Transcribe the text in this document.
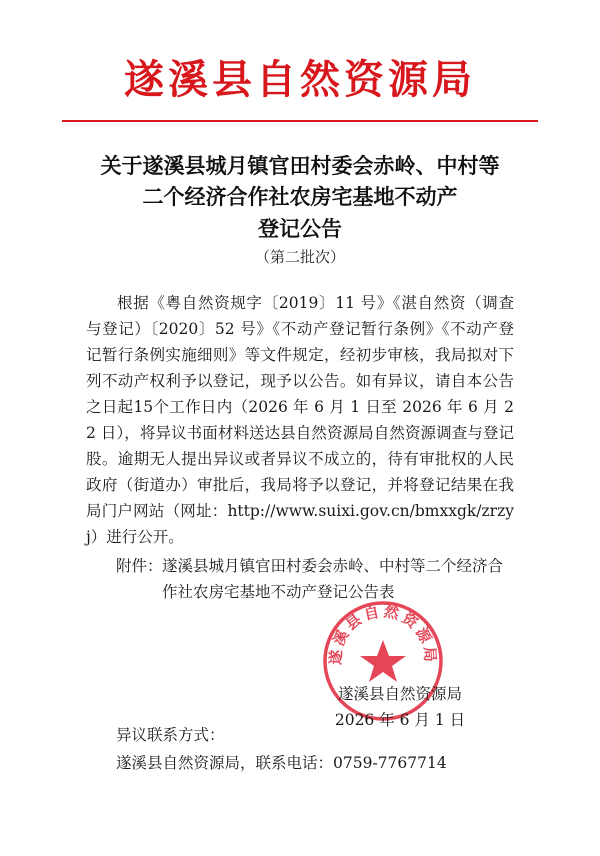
遂溪县自然资源局
关于遂溪县城月镇官田村委会赤岭、中村等
二个经济合作社农房宅基地不动产
登记公告
（第二批次）

根据《粤自然资规字〔2019〕11 号》《湛自然资（调查与登记）〔2020〕52 号》《不动产登记暂行条例》《不动产登记暂行条例实施细则》等文件规定，经初步审核，我局拟对下列不动产权利予以登记，现予以公告。如有异议，请自本公告之日起15个工作日内（2026 年 6 月 1 日至 2026 年 6 月 22 日），将异议书面材料送达县自然资源局自然资源调查与登记股。逾期无人提出异议或者异议不成立的，待有审批权的人民政府（街道办）审批后，我局将予以登记，并将登记结果在我局门户网站（网址：http://www.suixi.gov.cn/bmxxgk/zrzyj）进行公开。

附件： 遂溪县城月镇官田村委会赤岭、中村等二个经济合作社农房宅基地不动产登记公告表
遂溪县自然资源局
遂溪县自然资源局
2026 年 6 月 1 日
异议联系方式：
遂溪县自然资源局，联系电话：0759-7767714
